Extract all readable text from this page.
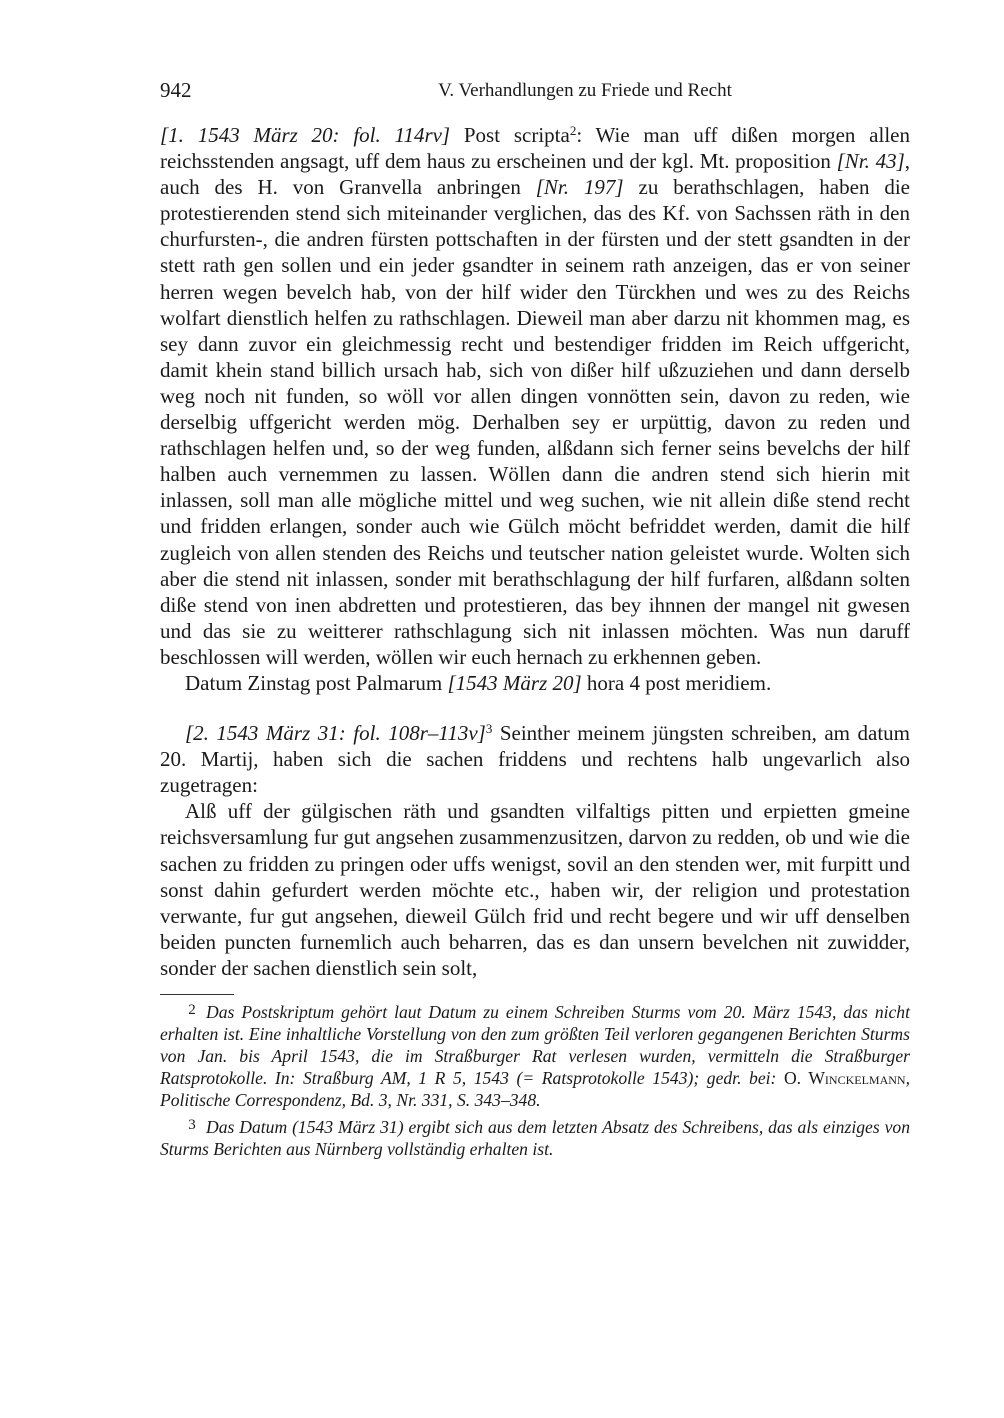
942	V. Verhandlungen zu Friede und Recht

[1. 1543 März 20: fol. 114rv] Post scripta$^2$: Wie man uff dißen morgen allen reichsstenden angsagt, uff dem haus zu erscheinen und der kgl. Mt. proposition [Nr. 43], auch des H. von Granvella anbringen [Nr. 197] zu berathschlagen, haben die protestierenden stend sich miteinander verglichen, das des Kf. von Sachssen räth in den churfursten-, die andren fürsten pottschaften in der fürsten und der stett gsandten in der stett rath gen sollen und ein jeder gsandter in seinem rath anzeigen, das er von seiner herren wegen bevelch hab, von der hilf wider den Türckhen und wes zu des Reichs wolfart dienstlich helfen zu rathschlagen. Dieweil man aber darzu nit khommen mag, es sey dann zuvor ein gleichmessig recht und bestendiger fridden im Reich uffgericht, damit khein stand billich ursach hab, sich von dißer hilf ußzuziehen und dann derselb weg noch nit funden, so wöll vor allen dingen vonnötten sein, davon zu reden, wie derselbig uffgericht werden mög. Derhalben sey er urpüttig, davon zu reden und rathschlagen helfen und, so der weg funden, alßdann sich ferner seins bevelchs der hilf halben auch vernemmen zu lassen. Wöllen dann die andren stend sich hierin mit inlassen, soll man alle mögliche mittel und weg suchen, wie nit allein diße stend recht und fridden erlangen, sonder auch wie Gülch möcht befriddet werden, damit die hilf zugleich von allen stenden des Reichs und teutscher nation geleistet wurde. Wolten sich aber die stend nit inlassen, sonder mit berathschlagung der hilf furfaren, alßdann solten diße stend von inen abdretten und protestieren, das bey ihnnen der mangel nit gwesen und das sie zu weitterer rathschlagung sich nit inlassen möchten. Was nun daruff beschlossen will werden, wöllen wir euch hernach zu erkhennen geben.

Datum Zinstag post Palmarum [1543 März 20] hora 4 post meridiem.

[2. 1543 März 31: fol. 108r–113v]$^3$ Seinther meinem jüngsten schreiben, am datum 20. Martij, haben sich die sachen friddens und rechtens halb ungevarlich also zugetragen:

Alß uff der gülgischen räth und gsandten vilfaltigs pitten und erpietten gmeine reichsversamlung fur gut angsehen zusammenzusitzen, darvon zu redden, ob und wie die sachen zu fridden zu pringen oder uffs wenigst, sovil an den stenden wer, mit furpitt und sonst dahin gefurdert werden möchte etc., haben wir, der religion und protestation verwante, fur gut angsehen, dieweil Gülch frid und recht begere und wir uff denselben beiden puncten furnemlich auch beharren, das es dan unsern bevelchen nit zuwidder, sonder der sachen dienstlich sein solt,

2 Das Postskriptum gehört laut Datum zu einem Schreiben Sturms vom 20. März 1543, das nicht erhalten ist. Eine inhaltliche Vorstellung von den zum größten Teil verloren gegangenen Berichten Sturms von Jan. bis April 1543, die im Straßburger Rat verlesen wurden, vermitteln die Straßburger Ratsprotokolle. In: Straßburg AM, 1 R 5, 1543 (= Ratsprotokolle 1543); gedr. bei: O. Winckelmann, Politische Correspondenz, Bd. 3, Nr. 331, S. 343–348.

3 Das Datum (1543 März 31) ergibt sich aus dem letzten Absatz des Schreibens, das als einziges von Sturms Berichten aus Nürnberg vollständig erhalten ist.
